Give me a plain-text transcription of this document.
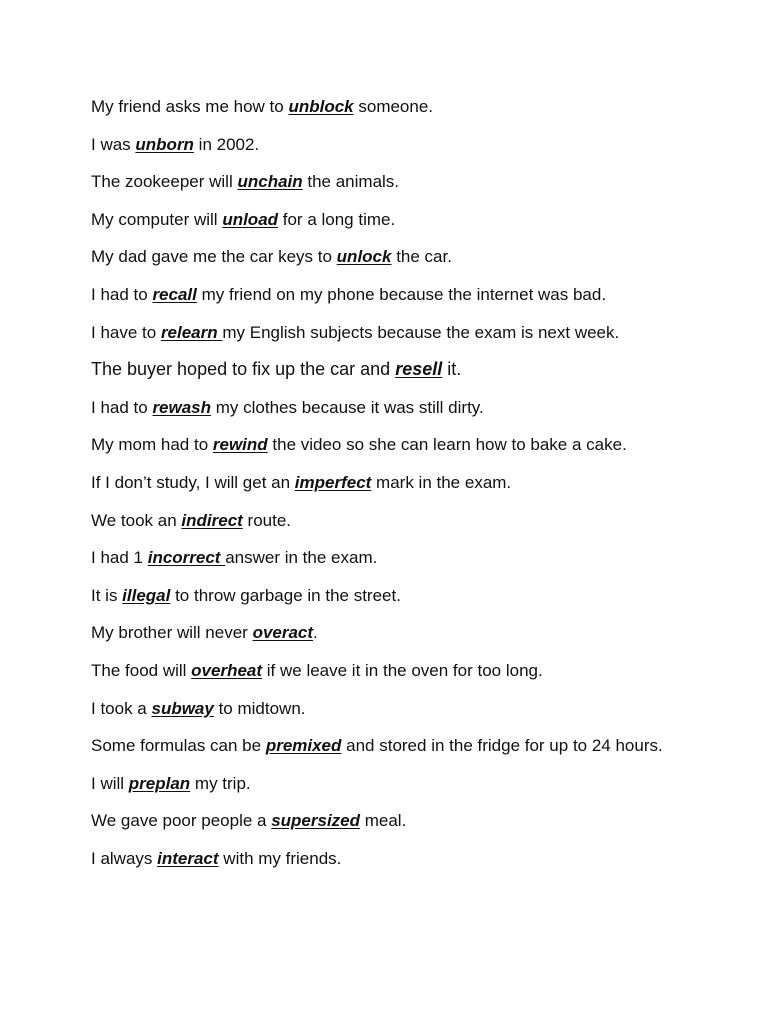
My friend asks me how to unblock someone.
I was unborn in 2002.
The zookeeper will unchain the animals.
My computer will unload for a long time.
My dad gave me the car keys to unlock the car.
I had to recall my friend on my phone because the internet was bad.
I have to relearn my English subjects because the exam is next week.
The buyer hoped to fix up the car and resell it.
I had to rewash my clothes because it was still dirty.
My mom had to rewind the video so she can learn how to bake a cake.
If I don’t study, I will get an imperfect mark in the exam.
We took an indirect route.
I had 1 incorrect answer in the exam.
It is illegal to throw garbage in the street.
My brother will never overact.
The food will overheat if we leave it in the oven for too long.
I took a subway to midtown.
Some formulas can be premixed and stored in the fridge for up to 24 hours.
I will preplan my trip.
We gave poor people a supersized meal.
I always interact with my friends.
